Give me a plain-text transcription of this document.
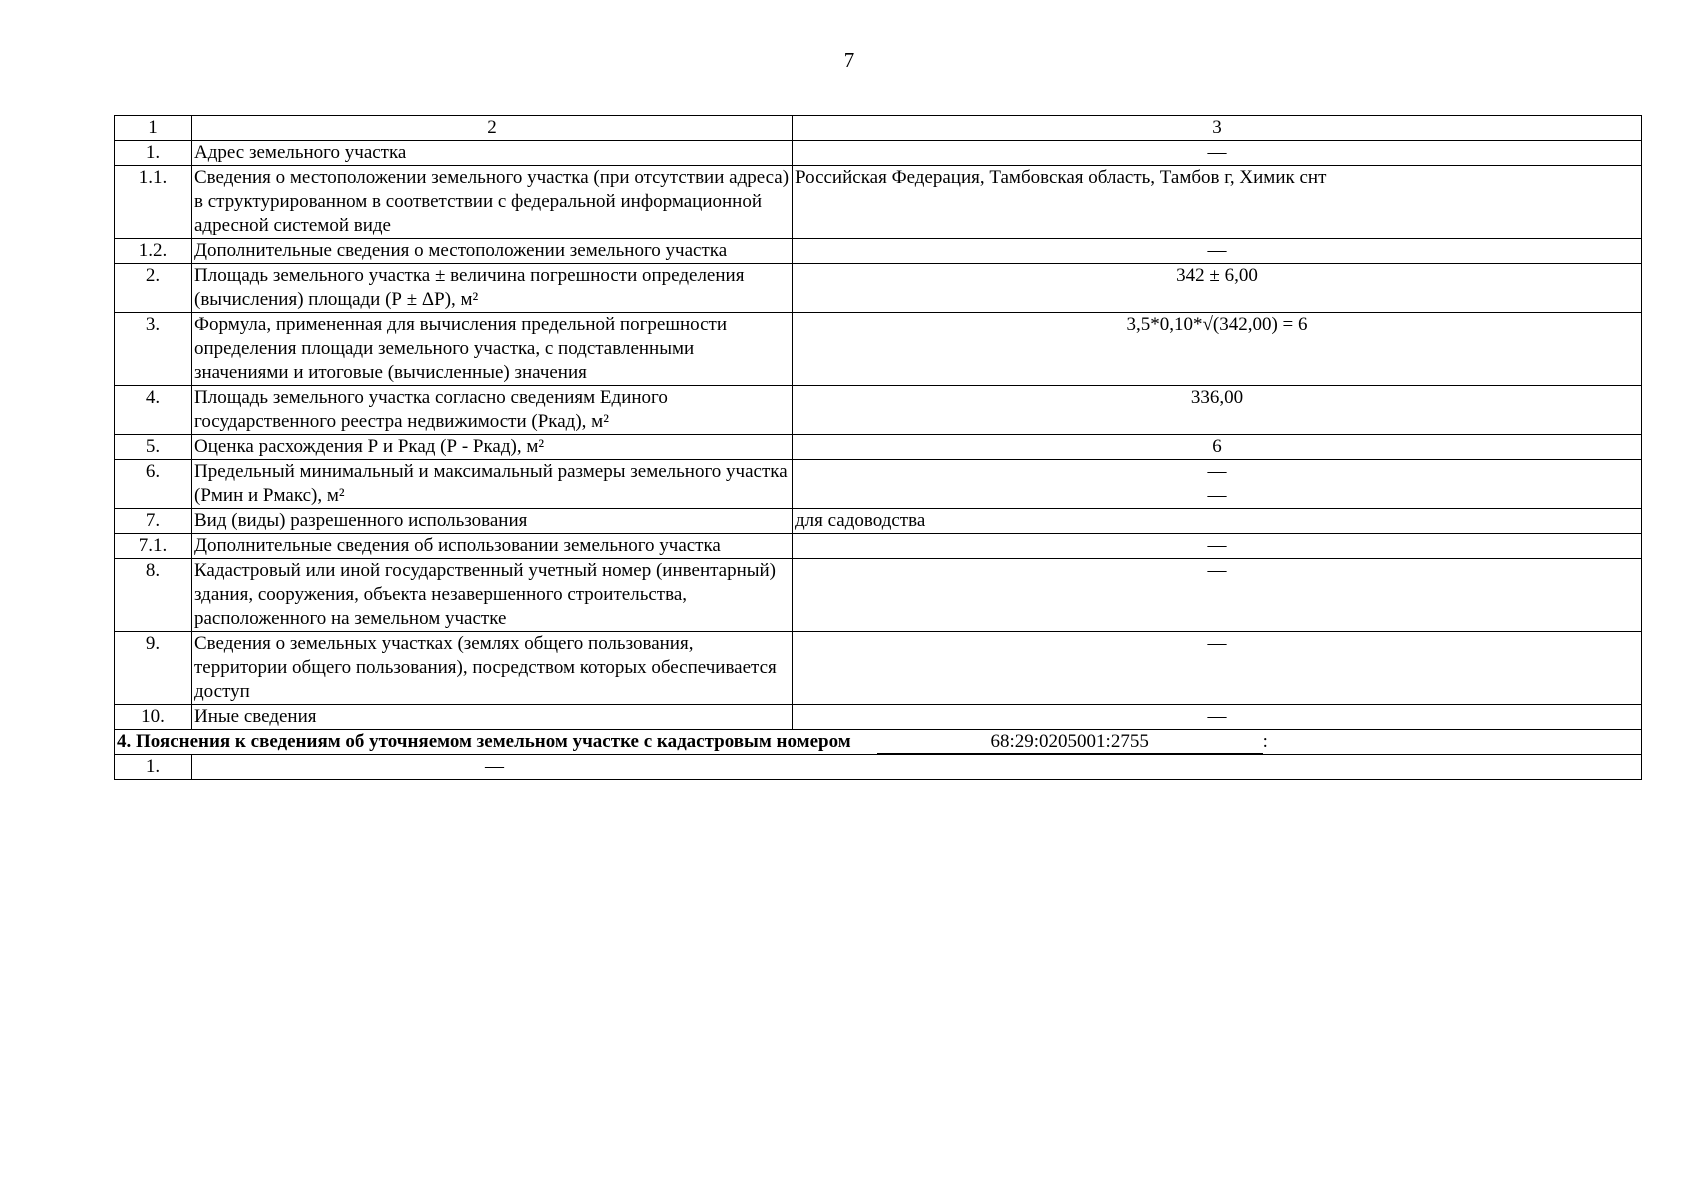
7
1	2	3
1.	Адрес земельного участка	—
1.1.	Сведения о местоположении земельного участка (при отсутствии адреса) в структурированном в соответствии с федеральной информационной адресной системой виде	Российская Федерация, Тамбовская область, Тамбов г, Химик снт
1.2.	Дополнительные сведения о местоположении земельного участка	—
2.	Площадь земельного участка ± величина погрешности определения (вычисления) площади (Р ± ΔР), м²	342 ± 6,00
3.	Формула, примененная для вычисления предельной погрешности определения площади земельного участка, с подставленными значениями и итоговые (вычисленные) значения	3,5*0,10*√(342,00) = 6
4.	Площадь земельного участка согласно сведениям Единого государственного реестра недвижимости (Ркад), м²	336,00
5.	Оценка расхождения Р и Ркад (Р - Ркад), м²	6
6.	Предельный минимальный и максимальный размеры земельного участка (Рмин и Рмакс), м²	—
—

7.	Вид (виды) разрешенного использования	для садоводства
7.1.	Дополнительные сведения об использовании земельного участка	—
8.	Кадастровый или иной государственный учетный номер (инвентарный) здания, сооружения, объекта незавершенного строительства, расположенного на земельном участке	—
9.	Сведения о земельных участках (землях общего пользования, территории общего пользования), посредством которых обеспечивается доступ	—
10.	Иные сведения	—
4. Пояснения к сведениям об уточняемом земельном участке с кадастровым номером 68:29:0205001:2755 :		
1.	—	
